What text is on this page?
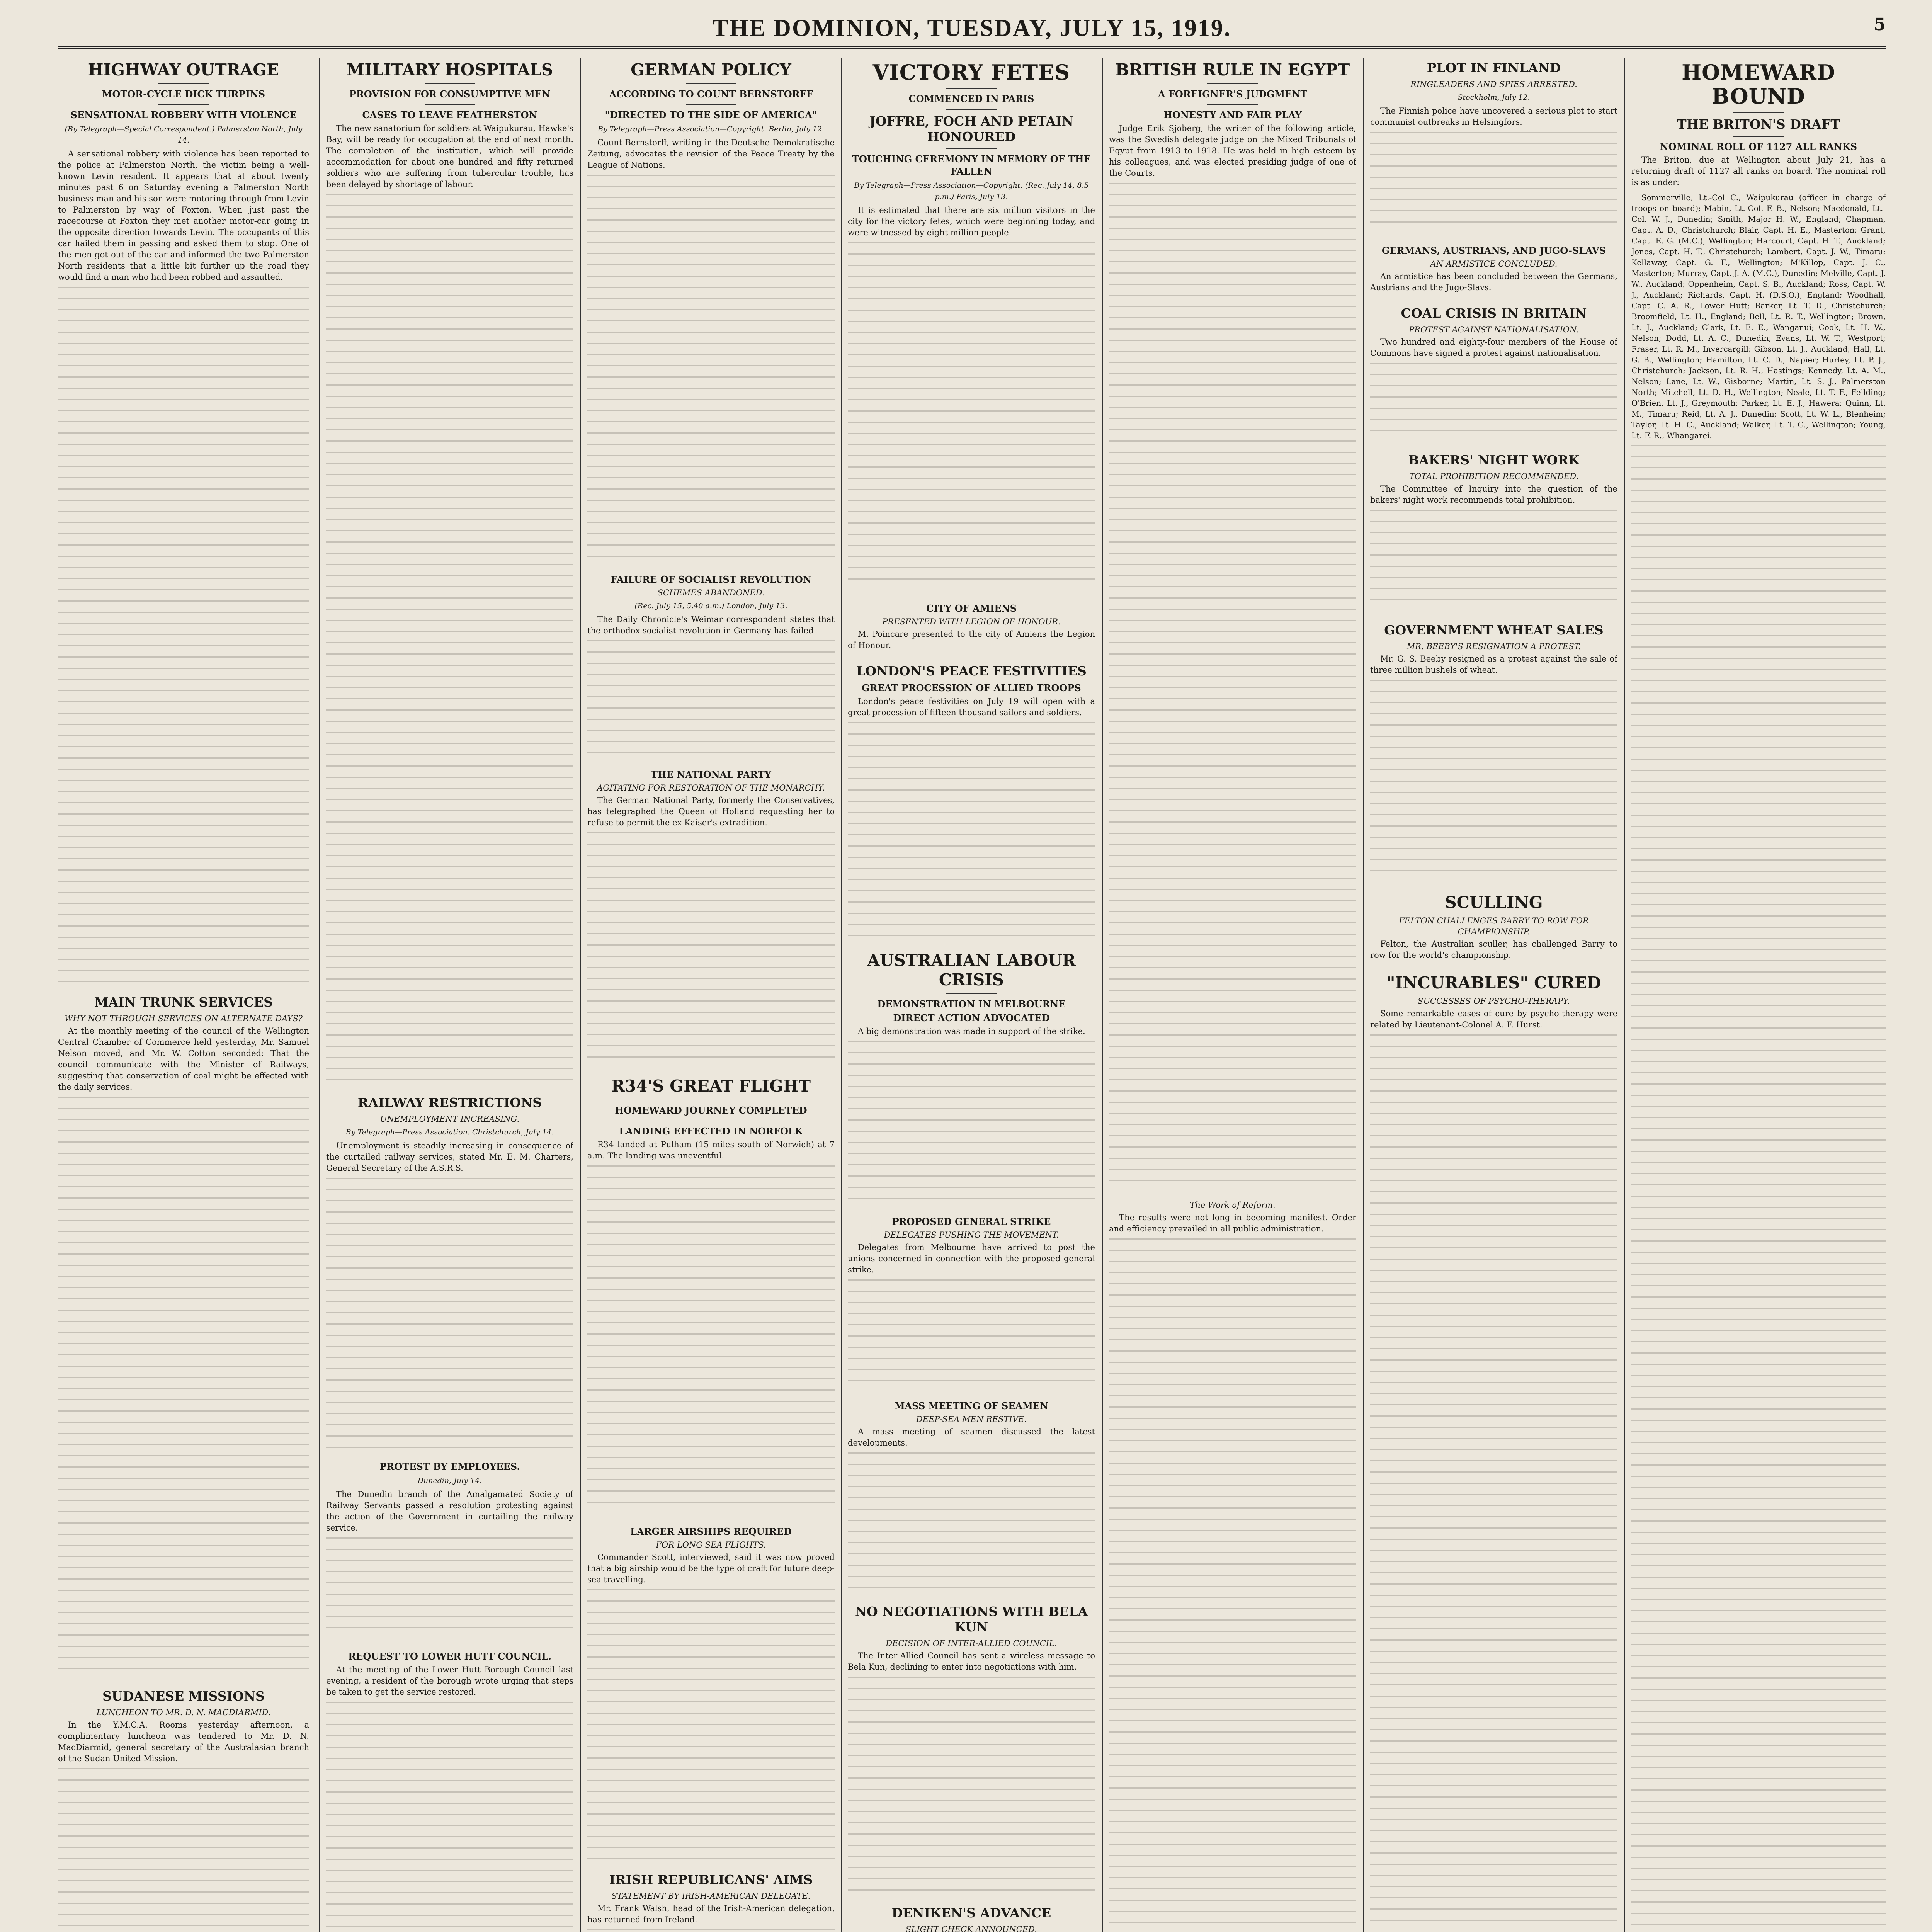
THE DOMINION, TUESDAY, JULY 15, 1919.	5
HIGHWAY OUTRAGE
MOTOR-CYCLE DICK TURPINS
SENSATIONAL ROBBERY WITH VIOLENCE
(By Telegraph—Special Correspondent.) Palmerston North, July 14.

A sensational robbery with violence has been reported to the police at Palmerston North, the victim being a well-known Levin resident. It appears that at about twenty minutes past 6 on Saturday evening a Palmerston North business man and his son were motoring through from Levin to Palmerston by way of Foxton. When just past the racecourse at Foxton they met another motor-car going in the opposite direction towards Levin. The occupants of this car hailed them in passing and asked them to stop. One of the men got out of the car and informed the two Palmerston North residents that a little bit further up the road they would find a man who had been robbed and assaulted.

MAIN TRUNK SERVICES
WHY NOT THROUGH SERVICES ON ALTERNATE DAYS?

At the monthly meeting of the council of the Wellington Central Chamber of Commerce held yesterday, Mr. Samuel Nelson moved, and Mr. W. Cotton seconded: That the council communicate with the Minister of Railways, suggesting that conservation of coal might be effected with the daily services.

SUDANESE MISSIONS
LUNCHEON TO MR. D. N. MACDIARMID.

In the Y.M.C.A. Rooms yesterday afternoon, a complimentary luncheon was tendered to Mr. D. N. MacDiarmid, general secretary of the Australasian branch of the Sudan United Mission.

MILITARY HOSPITALS
PROVISION FOR CONSUMPTIVE MEN
CASES TO LEAVE FEATHERSTON

The new sanatorium for soldiers at Waipukurau, Hawke's Bay, will be ready for occupation at the end of next month. The completion of the institution, which will provide accommodation for about one hundred and fifty returned soldiers who are suffering from tubercular trouble, has been delayed by shortage of labour.

RAILWAY RESTRICTIONS
UNEMPLOYMENT INCREASING.
By Telegraph—Press Association. Christchurch, July 14.

Unemployment is steadily increasing in consequence of the curtailed railway services, stated Mr. E. M. Charters, General Secretary of the A.S.R.S.

PROTEST BY EMPLOYEES.
Dunedin, July 14.

The Dunedin branch of the Amalgamated Society of Railway Servants passed a resolution protesting against the action of the Government in curtailing the railway service.

REQUEST TO LOWER HUTT COUNCIL.

At the meeting of the Lower Hutt Borough Council last evening, a resident of the borough wrote urging that steps be taken to get the service restored.

GERMAN POLICY
ACCORDING TO COUNT BERNSTORFF
"DIRECTED TO THE SIDE OF AMERICA"
By Telegraph—Press Association—Copyright. Berlin, July 12.

Count Bernstorff, writing in the Deutsche Demokratische Zeitung, advocates the revision of the Peace Treaty by the League of Nations.

FAILURE OF SOCIALIST REVOLUTION
SCHEMES ABANDONED.
(Rec. July 15, 5.40 a.m.) London, July 13.

The Daily Chronicle's Weimar correspondent states that the orthodox socialist revolution in Germany has failed.

THE NATIONAL PARTY
AGITATING FOR RESTORATION OF THE MONARCHY.

The German National Party, formerly the Conservatives, has telegraphed the Queen of Holland requesting her to refuse to permit the ex-Kaiser's extradition.

R34'S GREAT FLIGHT
HOMEWARD JOURNEY COMPLETED
LANDING EFFECTED IN NORFOLK

R34 landed at Pulham (15 miles south of Norwich) at 7 a.m. The landing was uneventful.

LARGER AIRSHIPS REQUIRED
FOR LONG SEA FLIGHTS.

Commander Scott, interviewed, said it was now proved that a big airship would be the type of craft for future deep-sea travelling.

IRISH REPUBLICANS' AIMS
STATEMENT BY IRISH-AMERICAN DELEGATE.

Mr. Frank Walsh, head of the Irish-American delegation, has returned from Ireland.

VICTORY FETES
COMMENCED IN PARIS
JOFFRE, FOCH AND PETAIN HONOURED
TOUCHING CEREMONY IN MEMORY OF THE FALLEN
By Telegraph—Press Association—Copyright. (Rec. July 14, 8.5 p.m.) Paris, July 13.

It is estimated that there are six million visitors in the city for the victory fetes, which were beginning today, and were witnessed by eight million people.

CITY OF AMIENS
PRESENTED WITH LEGION OF HONOUR.

M. Poincare presented to the city of Amiens the Legion of Honour.

LONDON'S PEACE FESTIVITIES
GREAT PROCESSION OF ALLIED TROOPS

London's peace festivities on July 19 will open with a great procession of fifteen thousand sailors and soldiers.

AUSTRALIAN LABOUR CRISIS
DEMONSTRATION IN MELBOURNE
DIRECT ACTION ADVOCATED

A big demonstration was made in support of the strike.

PROPOSED GENERAL STRIKE
DELEGATES PUSHING THE MOVEMENT.

Delegates from Melbourne have arrived to post the unions concerned in connection with the proposed general strike.

MASS MEETING OF SEAMEN
DEEP-SEA MEN RESTIVE.

A mass meeting of seamen discussed the latest developments.

NO NEGOTIATIONS WITH BELA KUN
DECISION OF INTER-ALLIED COUNCIL.

The Inter-Allied Council has sent a wireless message to Bela Kun, declining to enter into negotiations with him.

DENIKEN'S ADVANCE
SLIGHT CHECK ANNOUNCED.

BRITISH RULE IN EGYPT
A FOREIGNER'S JUDGMENT
HONESTY AND FAIR PLAY

Judge Erik Sjoberg, the writer of the following article, was the Swedish delegate judge on the Mixed Tribunals of Egypt from 1913 to 1918. He was held in high esteem by his colleagues, and was elected presiding judge of one of the Courts.

The Work of Reform.

The results were not long in becoming manifest. Order and efficiency prevailed in all public administration.

PLOT IN FINLAND
RINGLEADERS AND SPIES ARRESTED.
Stockholm, July 12.

The Finnish police have uncovered a serious plot to start communist outbreaks in Helsingfors.

GERMANS, AUSTRIANS, AND JUGO-SLAVS
AN ARMISTICE CONCLUDED.

An armistice has been concluded between the Germans, Austrians and the Jugo-Slavs.

COAL CRISIS IN BRITAIN
PROTEST AGAINST NATIONALISATION.

Two hundred and eighty-four members of the House of Commons have signed a protest against nationalisation.

BAKERS' NIGHT WORK
TOTAL PROHIBITION RECOMMENDED.

The Committee of Inquiry into the question of the bakers' night work recommends total prohibition.

GOVERNMENT WHEAT SALES
MR. BEEBY'S RESIGNATION A PROTEST.

Mr. G. S. Beeby resigned as a protest against the sale of three million bushels of wheat.

SCULLING
FELTON CHALLENGES BARRY TO ROW FOR CHAMPIONSHIP.

Felton, the Australian sculler, has challenged Barry to row for the world's championship.

"INCURABLES" CURED
SUCCESSES OF PSYCHO-THERAPY.

Some remarkable cases of cure by psycho-therapy were related by Lieutenant-Colonel A. F. Hurst.

HOMEWARD BOUND
THE BRITON'S DRAFT
NOMINAL ROLL OF 1127 ALL RANKS

The Briton, due at Wellington about July 21, has a returning draft of 1127 all ranks on board. The nominal roll is as under:

Sommerville, Lt.-Col C., Waipukurau (officer in charge of troops on board); Mabin, Lt.-Col. F. B., Nelson; Macdonald, Lt.-Col. W. J., Dunedin; Smith, Major H. W., England; Chapman, Capt. A. D., Christchurch; Blair, Capt. H. E., Masterton; Grant, Capt. E. G. (M.C.), Wellington; Harcourt, Capt. H. T., Auckland; Jones, Capt. H. T., Christchurch; Lambert, Capt. J. W., Timaru; Kellaway, Capt. G. F., Wellington; M'Killop, Capt. J. C., Masterton; Murray, Capt. J. A. (M.C.), Dunedin; Melville, Capt. J. W., Auckland; Oppenheim, Capt. S. B., Auckland; Ross, Capt. W. J., Auckland; Richards, Capt. H. (D.S.O.), England; Woodhall, Capt. C. A. R., Lower Hutt; Barker, Lt. T. D., Christchurch; Broomfield, Lt. H., England; Bell, Lt. R. T., Wellington; Brown, Lt. J., Auckland; Clark, Lt. E. E., Wanganui; Cook, Lt. H. W., Nelson; Dodd, Lt. A. C., Dunedin; Evans, Lt. W. T., Westport; Fraser, Lt. R. M., Invercargill; Gibson, Lt. J., Auckland; Hall, Lt. G. B., Wellington; Hamilton, Lt. C. D., Napier; Hurley, Lt. P. J., Christchurch; Jackson, Lt. R. H., Hastings; Kennedy, Lt. A. M., Nelson; Lane, Lt. W., Gisborne; Martin, Lt. S. J., Palmerston North; Mitchell, Lt. D. H., Wellington; Neale, Lt. T. F., Feilding; O'Brien, Lt. J., Greymouth; Parker, Lt. E. J., Hawera; Quinn, Lt. M., Timaru; Reid, Lt. A. J., Dunedin; Scott, Lt. W. L., Blenheim; Taylor, Lt. H. C., Auckland; Walker, Lt. T. G., Wellington; Young, Lt. F. R., Whangarei.
